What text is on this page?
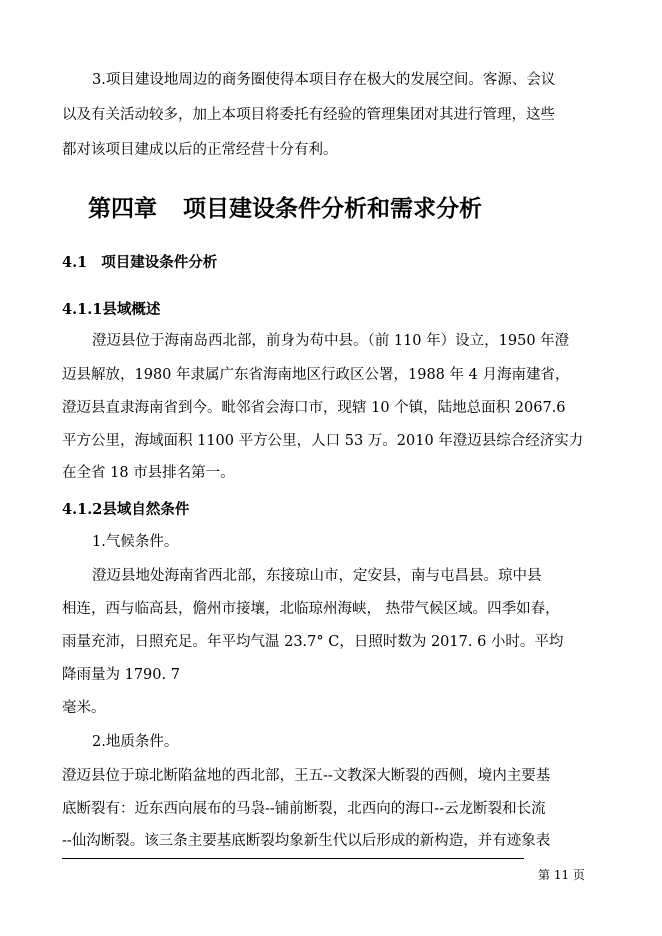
3.项目建设地周边的商务圈使得本项目存在极大的发展空间。客源、会议
以及有关活动较多，加上本项目将委托有经验的管理集团对其进行管理，这些
都对该项目建成以后的正常经营十分有利。
第四章 项目建设条件分析和需求分析
4.1 项目建设条件分析
4.1.1县域概述
澄迈县位于海南岛西北部，前身为苟中县。（前 110 年）设立，1950 年澄
迈县解放，1980 年隶属广东省海南地区行政区公署，1988 年 4 月海南建省，
澄迈县直隶海南省到今。毗邻省会海口市，现辖 10 个镇，陆地总面积 2067.6
平方公里，海域面积 1100 平方公里，人口 53 万。2010 年澄迈县综合经济实力
在全省 18 市县排名第一。
4.1.2县域自然条件
1.气候条件。
澄迈县地处海南省西北部，东接琼山市，定安县，南与屯昌县。琼中县
相连，西与临高县，儋州市接壤，北临琼州海峡， 热带气候区域。四季如春，
雨量充沛，日照充足。年平均气温 23.7° C，日照时数为 2017. 6 小时。平均
降雨量为 1790. 7
毫米。
2.地质条件。
澄迈县位于琼北断陷盆地的西北部，王五--文教深大断裂的西侧，境内主要基
底断裂有：近东西向展布的马袅--铺前断裂，北西向的海口--云龙断裂和长流
--仙沟断裂。该三条主要基底断裂均象新生代以后形成的新构造，并有迹象表
第 11 页
